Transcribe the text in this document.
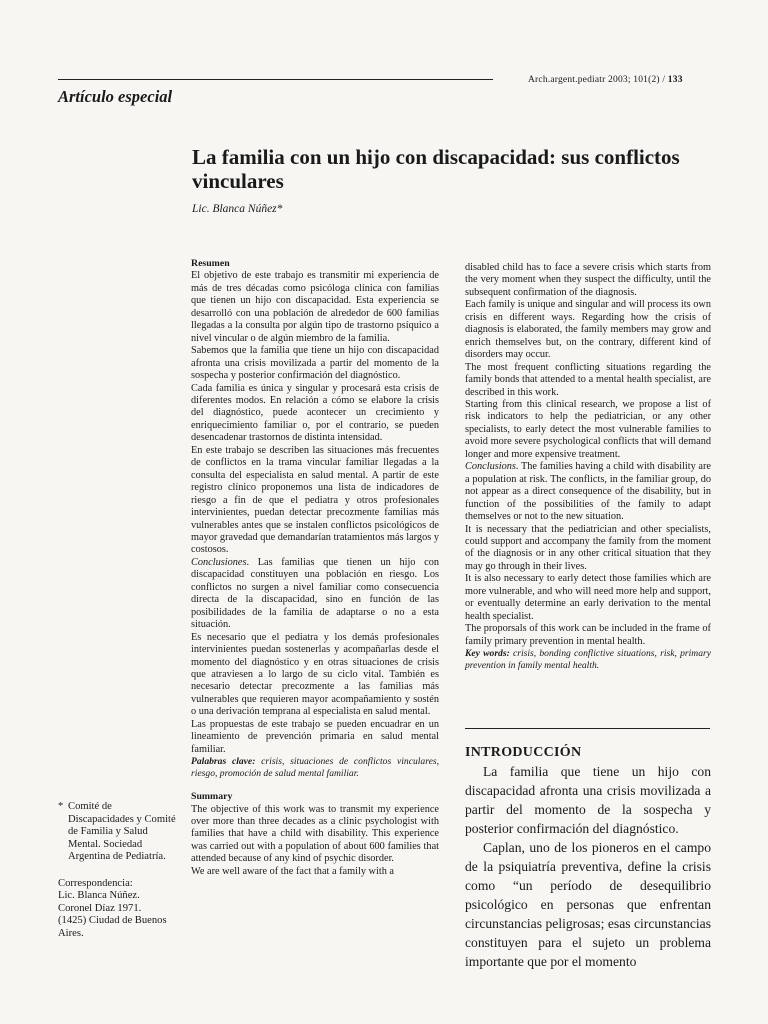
Arch.argent.pediatr 2003; 101(2) / 133
Artículo especial
La familia con un hijo con discapacidad: sus conflictos vinculares
Lic. Blanca Núñez*
Resumen

El objetivo de este trabajo es transmitir mi experiencia de más de tres décadas como psicóloga clínica con familias que tienen un hijo con discapacidad. Esta experiencia se desarrolló con una población de alrededor de 600 familias llegadas a la consulta por algún tipo de trastorno psíquico a nivel vincular o de algún miembro de la familia.

Sabemos que la familia que tiene un hijo con discapacidad afronta una crisis movilizada a partir del momento de la sospecha y posterior confirmación del diagnóstico.

Cada familia es única y singular y procesará esta crisis de diferentes modos. En relación a cómo se elabore la crisis del diagnóstico, puede acontecer un crecimiento y enriquecimiento familiar o, por el contrario, se pueden desencadenar trastornos de distinta intensidad.

En este trabajo se describen las situaciones más frecuentes de conflictos en la trama vincular familiar llegadas a la consulta del especialista en salud mental. A partir de este registro clínico proponemos una lista de indicadores de riesgo a fin de que el pediatra y otros profesionales intervinientes, puedan detectar precozmente familias más vulnerables antes que se instalen conflictos psicológicos de mayor gravedad que demandarían tratamientos más largos y costosos.

Conclusiones. Las familias que tienen un hijo con discapacidad constituyen una población en riesgo. Los conflictos no surgen a nivel familiar como consecuencia directa de la discapacidad, sino en función de las posibilidades de la familia de adaptarse o no a esta situación.

Es necesario que el pediatra y los demás profesionales intervinientes puedan sostenerlas y acompañarlas desde el momento del diagnóstico y en otras situaciones de crisis que atraviesen a lo largo de su ciclo vital. También es necesario detectar precozmente a las familias más vulnerables que requieren mayor acompañamiento y sostén o una derivación temprana al especialista en salud mental.

Las propuestas de este trabajo se pueden encuadrar en un lineamiento de prevención primaria en salud mental familiar.

Palabras clave: crisis, situaciones de conflictos vinculares, riesgo, promoción de salud mental familiar.

Summary

The objective of this work was to transmit my experience over more than three decades as a clinic psychologist with families that have a child with disability. This experience was carried out with a population of about 600 families that attended because of any kind of psychic disorder.

We are well aware of the fact that a family with a

disabled child has to face a severe crisis which starts from the very moment when they suspect the difficulty, until the subsequent confirmation of the diagnosis.

Each family is unique and singular and will process its own crisis en different ways. Regarding how the crisis of diagnosis is elaborated, the family members may grow and enrich themselves but, on the contrary, different kind of disorders may occur.

The most frequent conflicting situations regarding the family bonds that attended to a mental health specialist, are described in this work.

Starting from this clinical research, we propose a list of risk indicators to help the pediatrician, or any other specialists, to early detect the most vulnerable families to avoid more severe psychological conflicts that will demand longer and more expensive treatment.

Conclusions. The families having a child with disability are a population at risk. The conflicts, in the familiar group, do not appear as a direct consequence of the disability, but in function of the possibilities of the family to adapt themselves or not to the new situation.

It is necessary that the pediatrician and other specialists, could support and accompany the family from the moment of the diagnosis or in any other critical situation that they may go through in their lives.

It is also necessary to early detect those families which are more vulnerable, and who will need more help and support, or eventually determine an early derivation to the mental health specialist.

The proporsals of this work can be included in the frame of family primary prevention in mental health.

Key words: crisis, bonding conflictive situations, risk, primary prevention in family mental health.

INTRODUCCIÓN

La familia que tiene un hijo con discapacidad afronta una crisis movilizada a partir del momento de la sospecha y posterior confirmación del diagnóstico.

Caplan, uno de los pioneros en el campo de la psiquiatría preventiva, define la crisis como “un período de desequilibrio psicológico en personas que enfrentan circunstancias peligrosas; esas circunstancias constituyen para el sujeto un problema importante que por el momento

* Comité de Discapacidades y Comité de Familia y Salud Mental. Sociedad Argentina de Pediatría.
Correspondencia:
Lic. Blanca Núñez.
Coronel Díaz 1971.
(1425) Ciudad de Buenos Aires.
